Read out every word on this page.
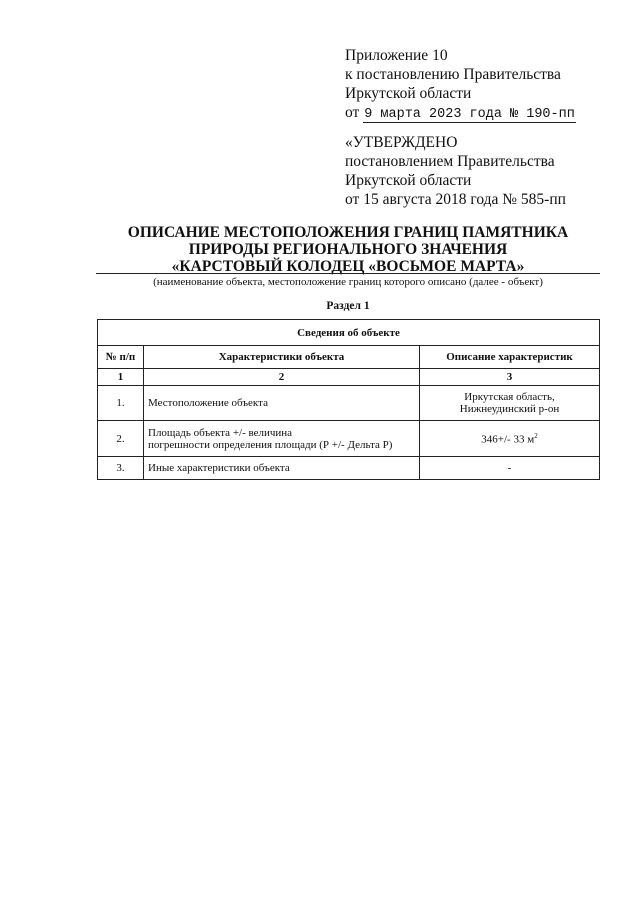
Приложение 10
к постановлению Правительства
Иркутской области
от 9 марта 2023 года № 190-пп
«УТВЕРЖДЕНО
постановлением Правительства
Иркутской области
от 15 августа 2018 года № 585-пп
ОПИСАНИЕ МЕСТОПОЛОЖЕНИЯ ГРАНИЦ ПАМЯТНИКА
ПРИРОДЫ РЕГИОНАЛЬНОГО ЗНАЧЕНИЯ
«КАРСТОВЫЙ КОЛОДЕЦ «ВОСЬМОЕ МАРТА»
(наименование объекта, местоположение границ которого описано (далее - объект)
Раздел 1
Сведения об объекте		
№ п/п	Характеристики объекта	Описание характеристик
1	2	3
1.	Местоположение объекта	Иркутская область,
Нижнеудинский р-он
2.	Площадь объекта +/- величина
погрешности определения площади (Р +/- Дельта Р)	346+/- 33 $м^2$
3.	Иные характеристики объекта	-
